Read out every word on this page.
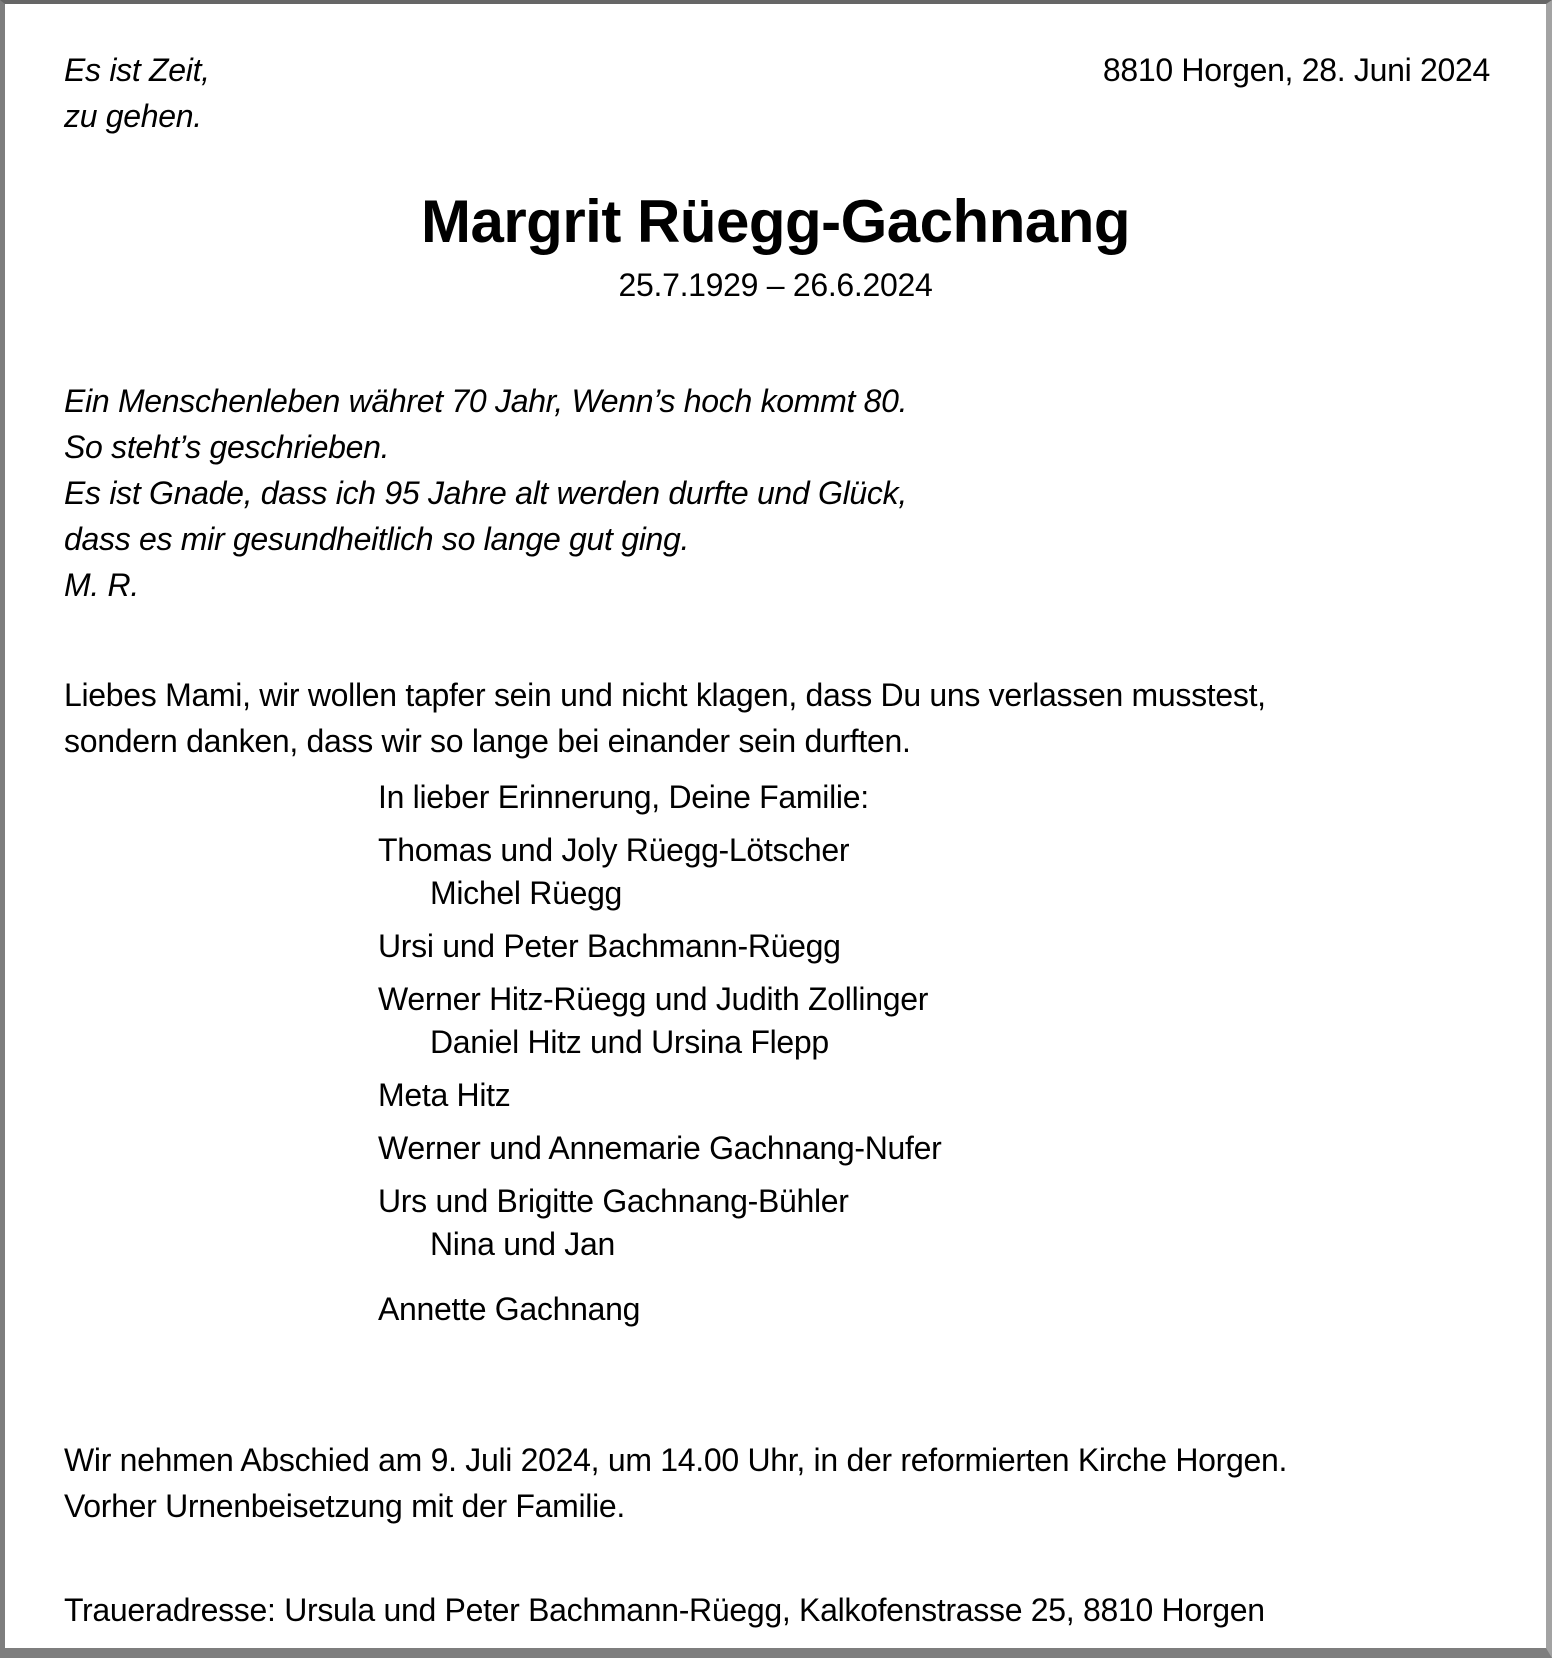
Es ist Zeit,
zu gehen.
8810 Horgen, 28. Juni 2024
Margrit Rüegg-Gachnang
25.7.1929 – 26.6.2024
Ein Menschenleben währet 70 Jahr, Wenn’s hoch kommt 80.
So steht’s geschrieben.
Es ist Gnade, dass ich 95 Jahre alt werden durfte und Glück,
dass es mir gesundheitlich so lange gut ging.
M. R.
Liebes Mami, wir wollen tapfer sein und nicht klagen, dass Du uns verlassen musstest,
sondern danken, dass wir so lange bei einander sein durften.
In lieber Erinnerung, Deine Familie:
Thomas und Joly Rüegg-Lötscher
Michel Rüegg
Ursi und Peter Bachmann-Rüegg
Werner Hitz-Rüegg und Judith Zollinger
Daniel Hitz und Ursina Flepp
Meta Hitz
Werner und Annemarie Gachnang-Nufer
Urs und Brigitte Gachnang-Bühler
Nina und Jan
Annette Gachnang
Wir nehmen Abschied am 9. Juli 2024, um 14.00 Uhr, in der reformierten Kirche Horgen.
Vorher Urnenbeisetzung mit der Familie.
Traueradresse: Ursula und Peter Bachmann-Rüegg, Kalkofenstrasse 25, 8810 Horgen
